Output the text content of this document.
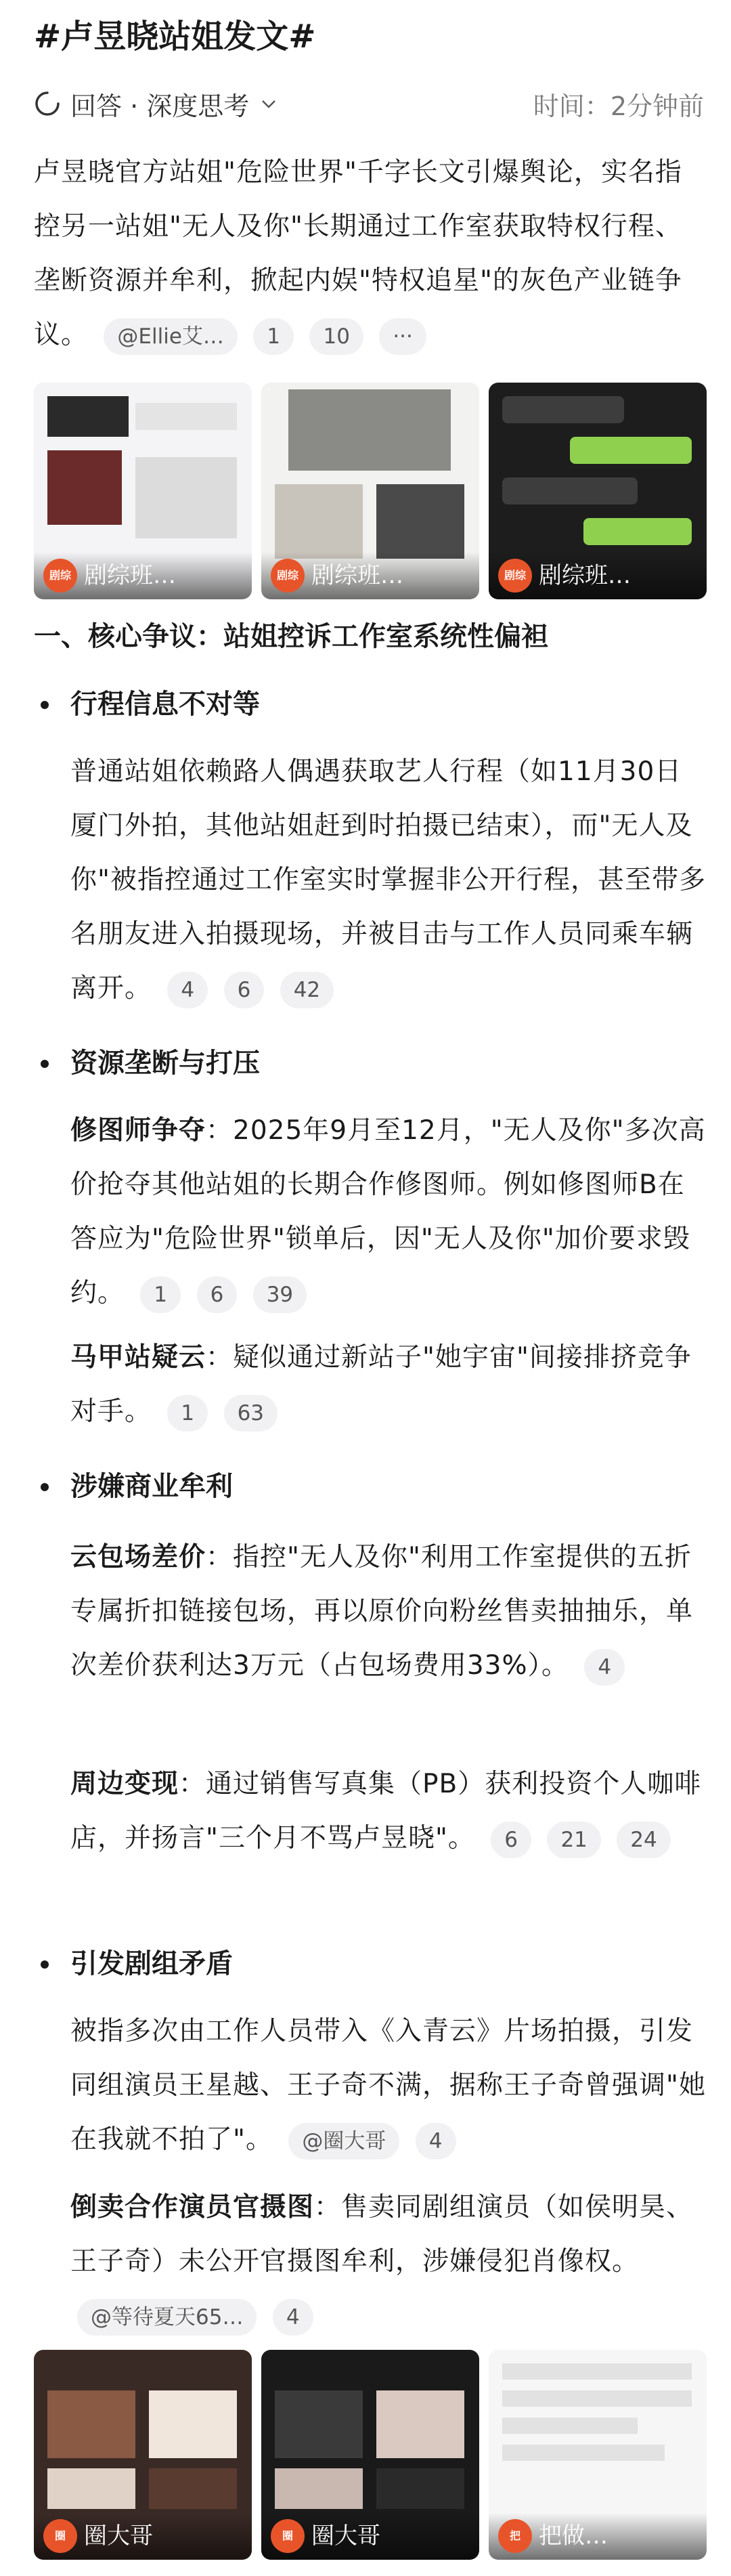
#卢昱晓站姐发文#
回答 · 深度思考	时间：2分钟前
卢昱晓官方站姐"危险世界"千字长文引爆舆论，实名指控另一站姐"无人及你"长期通过工作室获取特权行程、垄断资源并牟利，掀起内娱"特权追星"的灰色产业链争议。 @Ellie艾… 1 10 ···
剧综 剧综班…	剧综 剧综班…	剧综 剧综班…
一、核心争议：站姐控诉工作室系统性偏袒
行程信息不对等
普通站姐依赖路人偶遇获取艺人行程（如11月30日厦门外拍，其他站姐赶到时拍摄已结束），而"无人及你"被指控通过工作室实时掌握非公开行程，甚至带多名朋友进入拍摄现场，并被目击与工作人员同乘车辆离开。 4 6 42
资源垄断与打压
修图师争夺：2025年9月至12月，"无人及你"多次高价抢夺其他站姐的长期合作修图师。例如修图师B在答应为"危险世界"锁单后，因"无人及你"加价要求毁约。 1 6 39
马甲站疑云：疑似通过新站子"她宇宙"间接排挤竞争对手。 1 63
涉嫌商业牟利
云包场差价：指控"无人及你"利用工作室提供的五折专属折扣链接包场，再以原价向粉丝售卖抽抽乐，单次差价获利达3万元（占包场费用33%）。 4
周边变现：通过销售写真集（PB）获利投资个人咖啡店，并扬言"三个月不骂卢昱晓"。 6 21 24
引发剧组矛盾
被指多次由工作人员带入《入青云》片场拍摄，引发同组演员王星越、王子奇不满，据称王子奇曾强调"她在我就不拍了"。 @圈大哥 4
倒卖合作演员官摄图：售卖同剧组演员（如侯明昊、王子奇）未公开官摄图牟利，涉嫌侵犯肖像权。 @等待夏天65… 4
圈 圈大哥	圈 圈大哥	把 把做…
